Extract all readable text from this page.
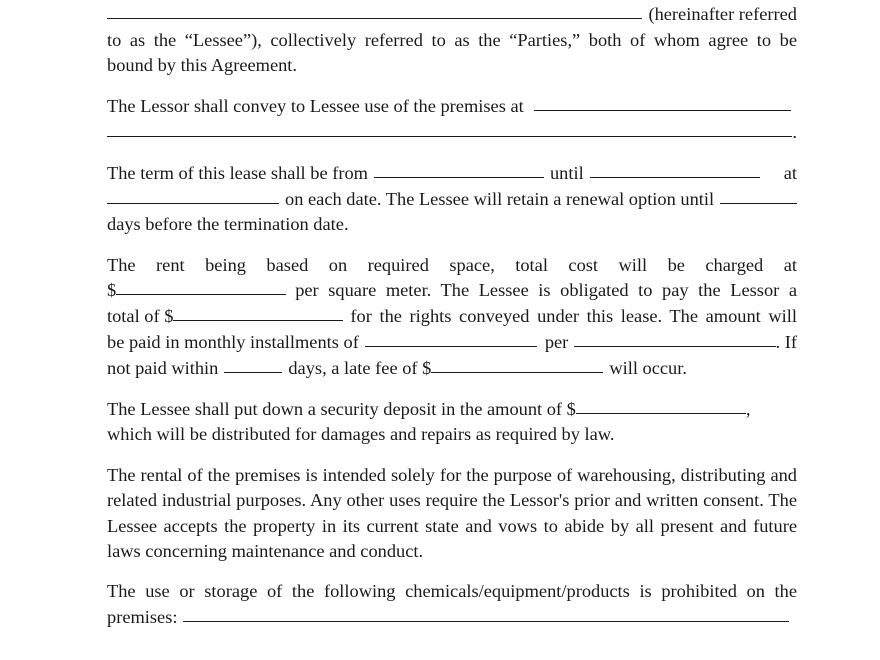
(hereinafter referred
to as the “Lessee”), collectively referred to as the “Parties,” both of whom agree to be
bound by this Agreement.
The Lessor shall convey to Lessee use of the premises at
.
The term of this lease shall be from	until	at
on each date. The Lessee will retain a renewal option until
days before the termination date.
The rent being based on required space, total cost will be charged at
$	per square meter. The Lessee is obligated to pay the Lessor a
total of $	for the rights conveyed under this lease. The amount will
be paid in monthly installments of	per	. If
not paid within	days, a late fee of $	will occur.
The Lessee shall put down a security deposit in the amount of $	,
which will be distributed for damages and repairs as required by law.
The rental of the premises is intended solely for the purpose of warehousing, distributing and related industrial purposes. Any other uses require the Lessor's prior and written consent. The Lessee accepts the property in its current state and vows to abide by all present and future laws concerning maintenance and conduct.
The use or storage of the following chemicals/equipment/products is prohibited on the
premises:
